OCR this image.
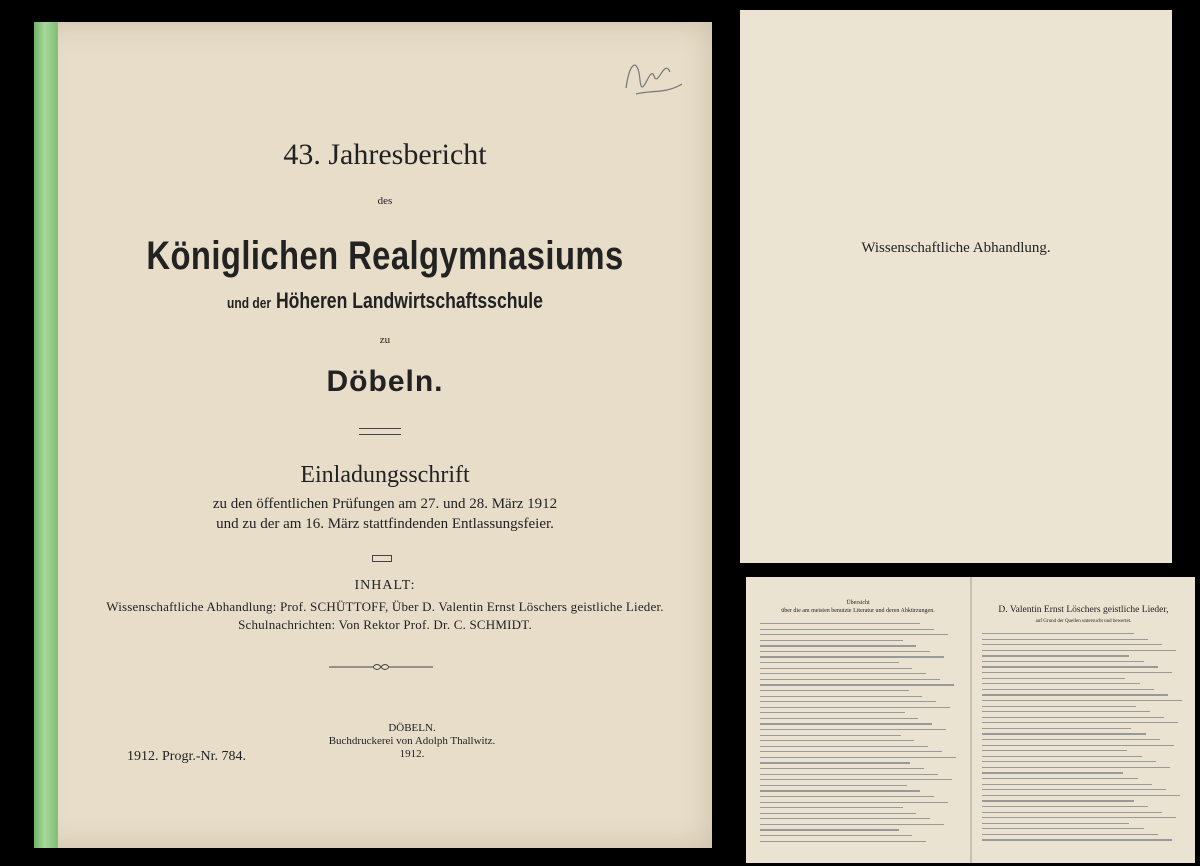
43. Jahresbericht
des
Königlichen Realgymnasiums
und der Höheren Landwirtschaftsschule
zu
Döbeln.
Einladungsschrift
zu den öffentlichen Prüfungen am 27. und 28. März 1912
und zu der am 16. März stattfindenden Entlassungsfeier.
INHALT:
Wissenschaftliche Abhandlung: Prof. SCHÜTTOFF, Über D. Valentin Ernst Löschers geistliche Lieder.
Schulnachrichten: Von Rektor Prof. Dr. C. SCHMIDT.
1912. Progr.-Nr. 784.
DÖBELN.
Buchdruckerei von Adolph Thallwitz.
1912.
Wissenschaftliche Abhandlung.
Übersicht
über die am meisten benutzte Literatur und deren Abkürzungen.	D. Valentin Ernst Löschers geistliche Lieder,
auf Grund der Quellen untersucht und bewertet.
